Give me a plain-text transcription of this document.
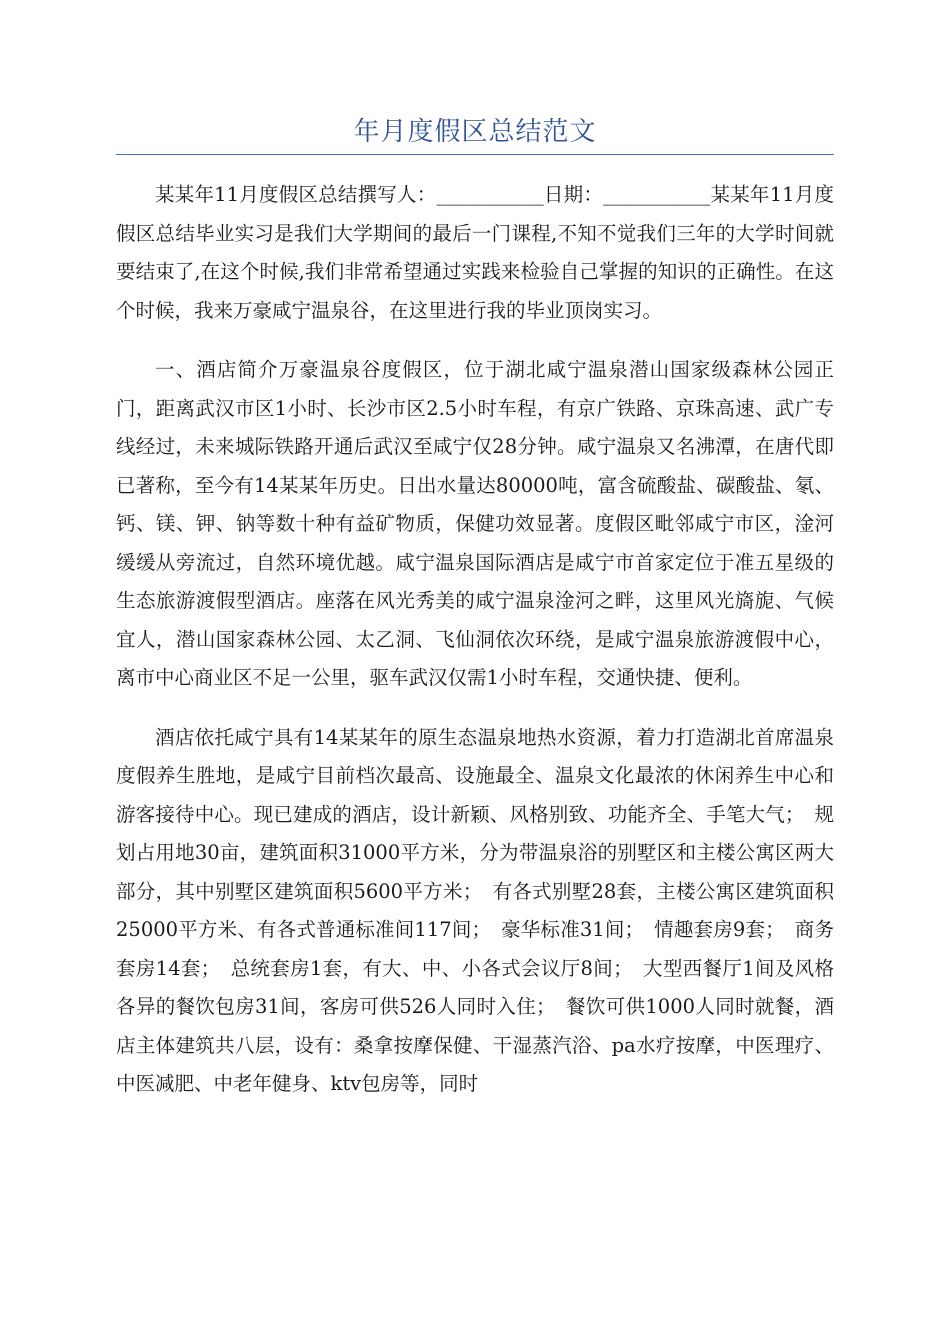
年月度假区总结范文

某某年11月度假区总结撰写人：___________日期：___________某某年11月度假区总结毕业实习是我们大学期间的最后一门课程,不知不觉我们三年的大学时间就要结束了,在这个时候,我们非常希望通过实践来检验自己掌握的知识的正确性。在这个时候，我来万豪咸宁温泉谷，在这里进行我的毕业顶岗实习。

一、酒店简介万豪温泉谷度假区，位于湖北咸宁温泉潜山国家级森林公园正门，距离武汉市区1小时、长沙市区2.5小时车程，有京广铁路、京珠高速、武广专线经过，未来城际铁路开通后武汉至咸宁仅28分钟。咸宁温泉又名沸潭，在唐代即已著称，至今有14某某年历史。日出水量达80000吨，富含硫酸盐、碳酸盐、氡、钙、镁、钾、钠等数十种有益矿物质，保健功效显著。度假区毗邻咸宁市区，淦河缓缓从旁流过，自然环境优越。咸宁温泉国际酒店是咸宁市首家定位于准五星级的生态旅游渡假型酒店。座落在风光秀美的咸宁温泉淦河之畔，这里风光旖旎、气候宜人，潜山国家森林公园、太乙洞、飞仙洞依次环绕，是咸宁温泉旅游渡假中心，离市中心商业区不足一公里，驱车武汉仅需1小时车程，交通快捷、便利。

酒店依托咸宁具有14某某年的原生态温泉地热水资源，着力打造湖北首席温泉度假养生胜地，是咸宁目前档次最高、设施最全、温泉文化最浓的休闲养生中心和游客接待中心。现已建成的酒店，设计新颖、风格别致、功能齐全、手笔大气；　规划占用地30亩，建筑面积31000平方米，分为带温泉浴的别墅区和主楼公寓区两大部分，其中别墅区建筑面积5600平方米；　有各式别墅28套，主楼公寓区建筑面积25000平方米、有各式普通标准间117间；　豪华标准31间；　情趣套房9套；　商务套房14套；　总统套房1套，有大、中、小各式会议厅8间；　大型西餐厅1间及风格各异的餐饮包房31间，客房可供526人同时入住；　餐饮可供1000人同时就餐，酒店主体建筑共八层，设有：桑拿按摩保健、干湿蒸汽浴、pa水疗按摩，中医理疗、中医减肥、中老年健身、ktv包房等，同时
